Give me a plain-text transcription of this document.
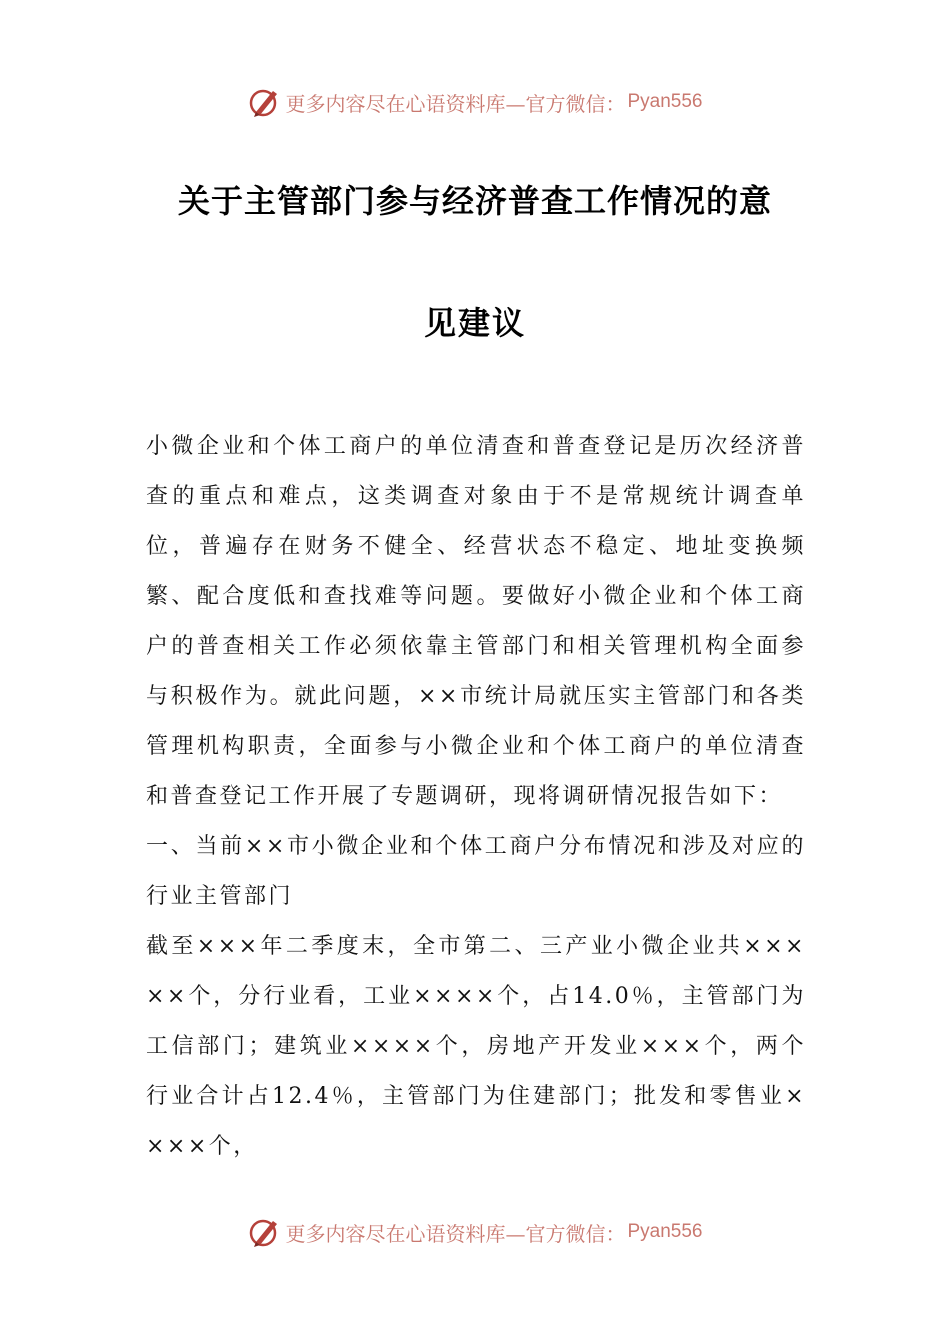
更多内容尽在心语资料库—官方微信： Pyan556
关于主管部门参与经济普查工作情况的意
见建议

小微企业和个体工商户的单位清查和普查登记是历次经济普查的重点和难点，这类调查对象由于不是常规统计调查单位，普遍存在财务不健全、经营状态不稳定、地址变换频繁、配合度低和查找难等问题。要做好小微企业和个体工商户的普查相关工作必须依靠主管部门和相关管理机构全面参与积极作为。就此问题，××市统计局就压实主管部门和各类管理机构职责，全面参与小微企业和个体工商户的单位清查和普查登记工作开展了专题调研，现将调研情况报告如下：

一、当前××市小微企业和个体工商户分布情况和涉及对应的行业主管部门

截至×××年二季度末，全市第二、三产业小微企业共×××××个，分行业看，工业××××个，占14.0％，主管部门为工信部门；建筑业××××个，房地产开发业×××个，两个行业合计占12.4％，主管部门为住建部门；批发和零售业××××个，

更多内容尽在心语资料库—官方微信： Pyan556
